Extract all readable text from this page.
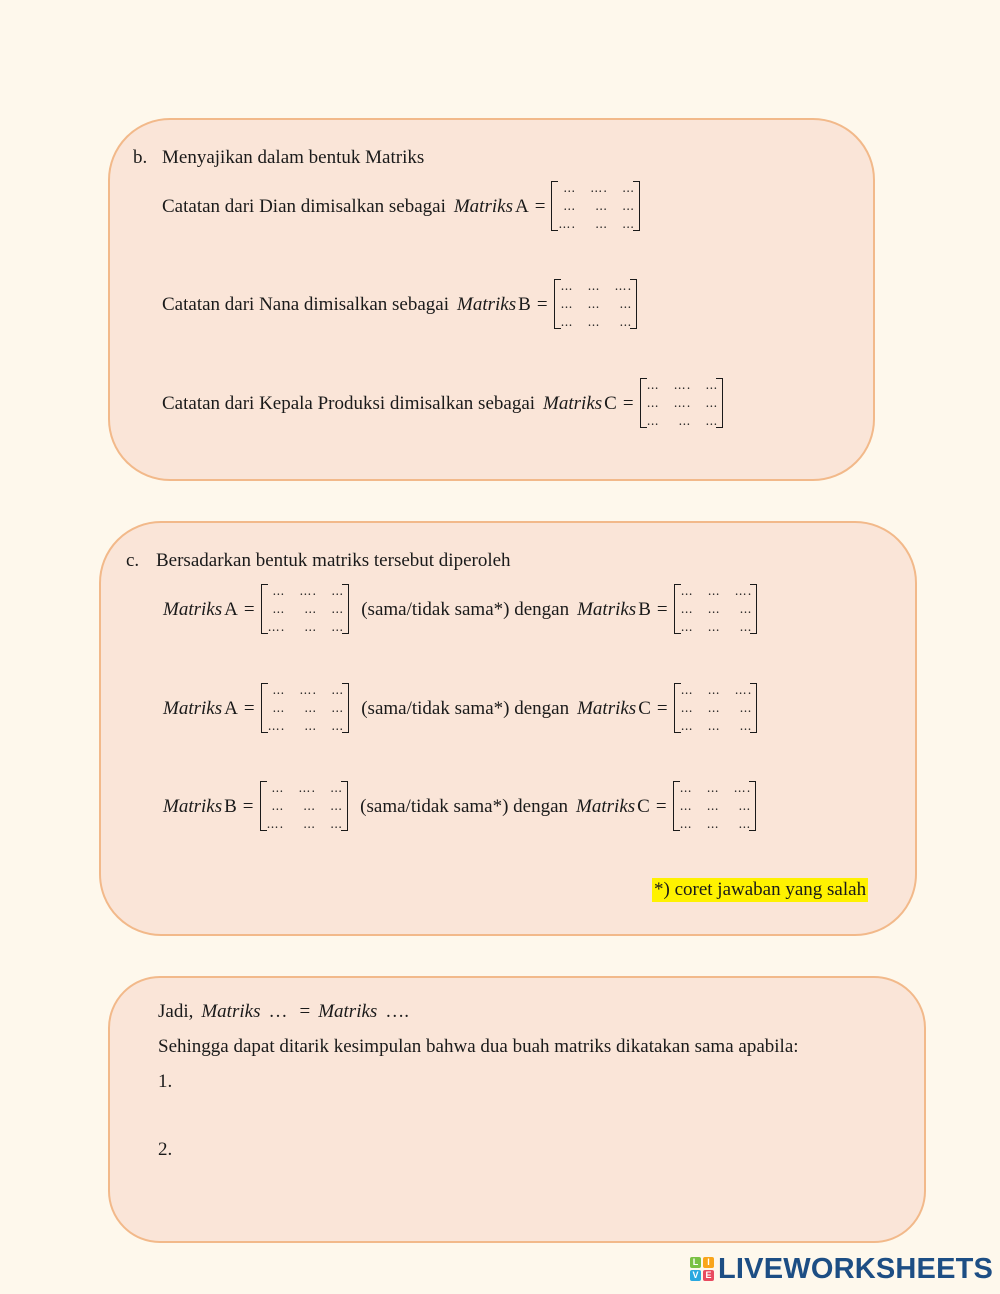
b. Menyajikan dalam bentuk Matriks
Catatan dari Dian dimisalkan sebagai Matriks A =
… …. …
…	… …
….	… …
Catatan dari Nana dimisalkan sebagai Matriks B =
… … ….
… …	…
… …	…
Catatan dari Kepala Produksi dimisalkan sebagai Matriks C =
… …. …
… …. …
…	… …
c. Bersadarkan bentuk matriks tersebut diperoleh
Matriks A =
… …. …
…	… …
….	… …
(sama/tidak sama*) dengan Matriks B =
… … ….
… …	…
… …	…
Matriks A =
… …. …
…	… …
….	… …
(sama/tidak sama*) dengan Matriks C =
… … ….
… …	…
… …	…
Matriks B =
… …. …
…	… …
….	… …
(sama/tidak sama*) dengan Matriks C =
… … ….
… …	…
… …	…
*) coret jawaban yang salah
Jadi, Matriks … = Matriks ….
Sehingga dapat ditarik kesimpulan bahwa dua buah matriks dikatakan sama apabila:
1.
2.
L I
V E LIVEWORKSHEETS
